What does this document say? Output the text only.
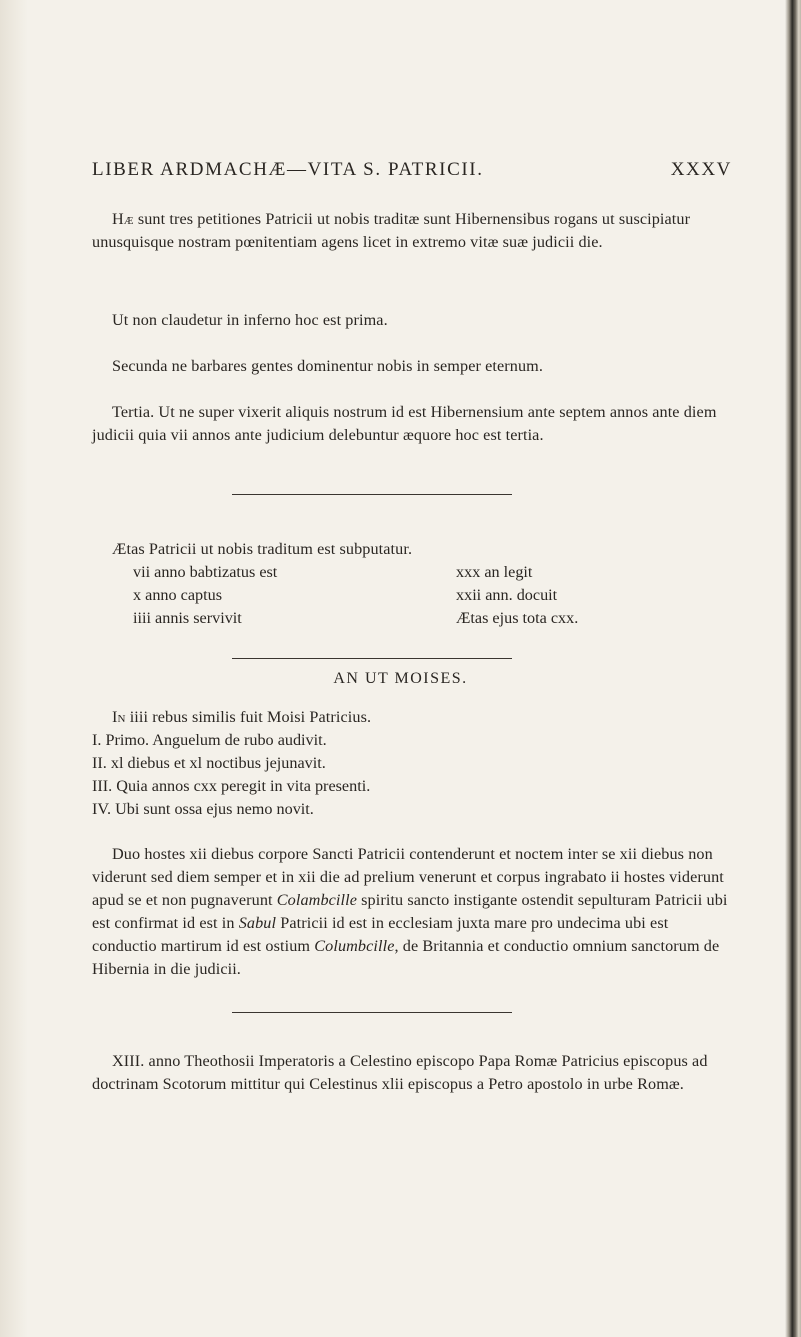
LIBER ARDMACHÆ—VITA S. PATRICII.	XXXV

Hæ sunt tres petitiones Patricii ut nobis traditæ sunt Hibernensibus rogans ut suscipiatur unusquisque nostram pœnitentiam agens licet in extremo vitæ suæ judicii die.

Ut non claudetur in inferno hoc est prima.

Secunda ne barbares gentes dominentur nobis in semper eternum.

Tertia. Ut ne super vixerit aliquis nostrum id est Hibernensium ante septem annos ante diem judicii quia vii annos ante judicium delebuntur æquore hoc est tertia.

Ætas Patricii ut nobis traditum est subputatur.

vii anno babtizatus est
x anno captus
iiii annis servivit
xxx an legit
xxii ann. docuit
Ætas ejus tota cxx.
AN UT MOISES.

In iiii rebus similis fuit Moisi Patricius.

I. Primo. Anguelum de rubo audivit.
II. xl diebus et xl noctibus jejunavit.
III. Quia annos cxx peregit in vita presenti.
IV. Ubi sunt ossa ejus nemo novit.

Duo hostes xii diebus corpore Sancti Patricii contenderunt et noctem inter se xii diebus non viderunt sed diem semper et in xii die ad prelium venerunt et corpus ingrabato ii hostes viderunt apud se et non pugnaverunt Colambcille spiritu sancto instigante ostendit sepulturam Patricii ubi est confirmat id est in Sabul Patricii id est in ecclesiam juxta mare pro undecima ubi est conductio martirum id est ostium Columbcille, de Britannia et conductio omnium sanctorum de Hibernia in die judicii.

XIII. anno Theothosii Imperatoris a Celestino episcopo Papa Romæ Patricius episcopus ad doctrinam Scotorum mittitur qui Celestinus xlii episcopus a Petro apostolo in urbe Romæ.
